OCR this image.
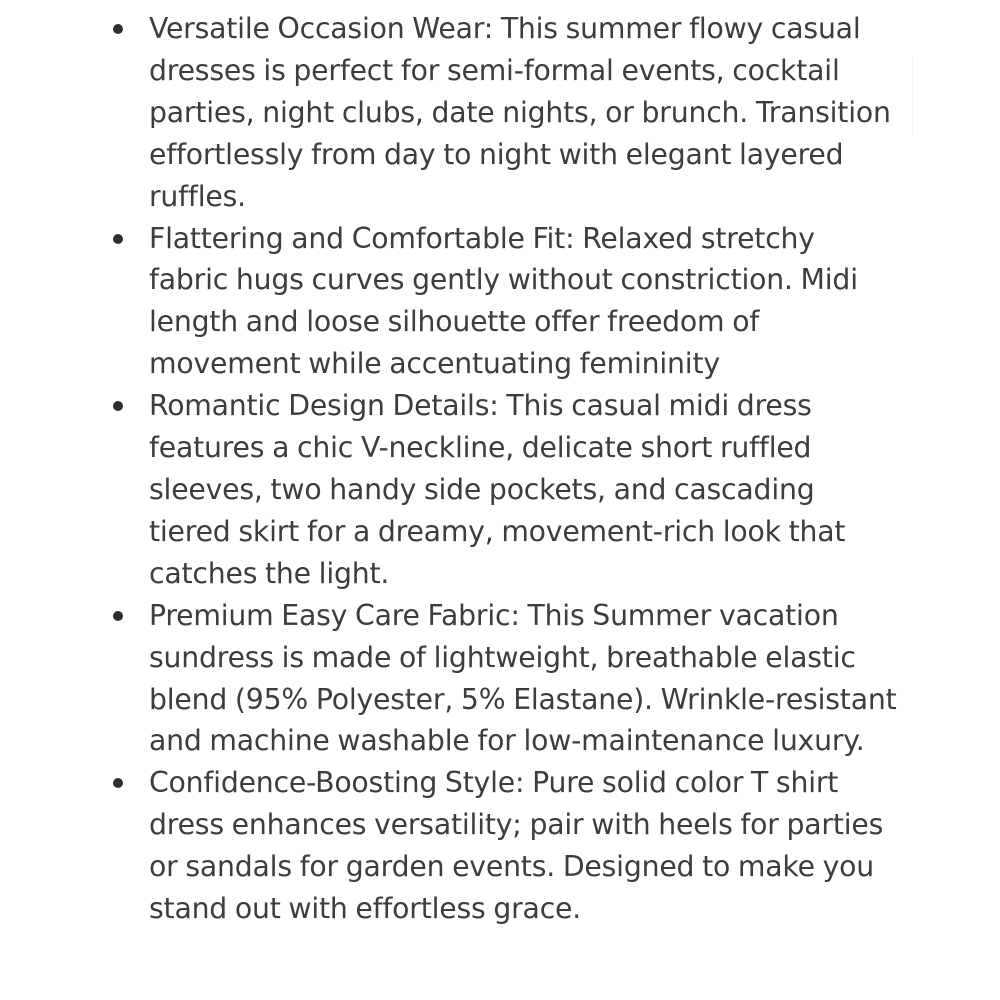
Versatile Occasion Wear: This summer flowy casual dresses is perfect for semi-formal events, cocktail parties, night clubs, date nights, or brunch. Transition effortlessly from day to night with elegant layered ruffles.
Flattering and Comfortable Fit: Relaxed stretchy fabric hugs curves gently without constriction. Midi length and loose silhouette offer freedom of movement while accentuating femininity
Romantic Design Details: This casual midi dress features a chic V-neckline, delicate short ruffled sleeves, two handy side pockets, and cascading tiered skirt for a dreamy, movement-rich look that catches the light.
Premium Easy Care Fabric: This Summer vacation sundress is made of lightweight, breathable elastic blend (95% Polyester, 5% Elastane). Wrinkle-resistant and machine washable for low-maintenance luxury.
Confidence-Boosting Style: Pure solid color T shirt dress enhances versatility; pair with heels for parties or sandals for garden events. Designed to make you stand out with effortless grace.
